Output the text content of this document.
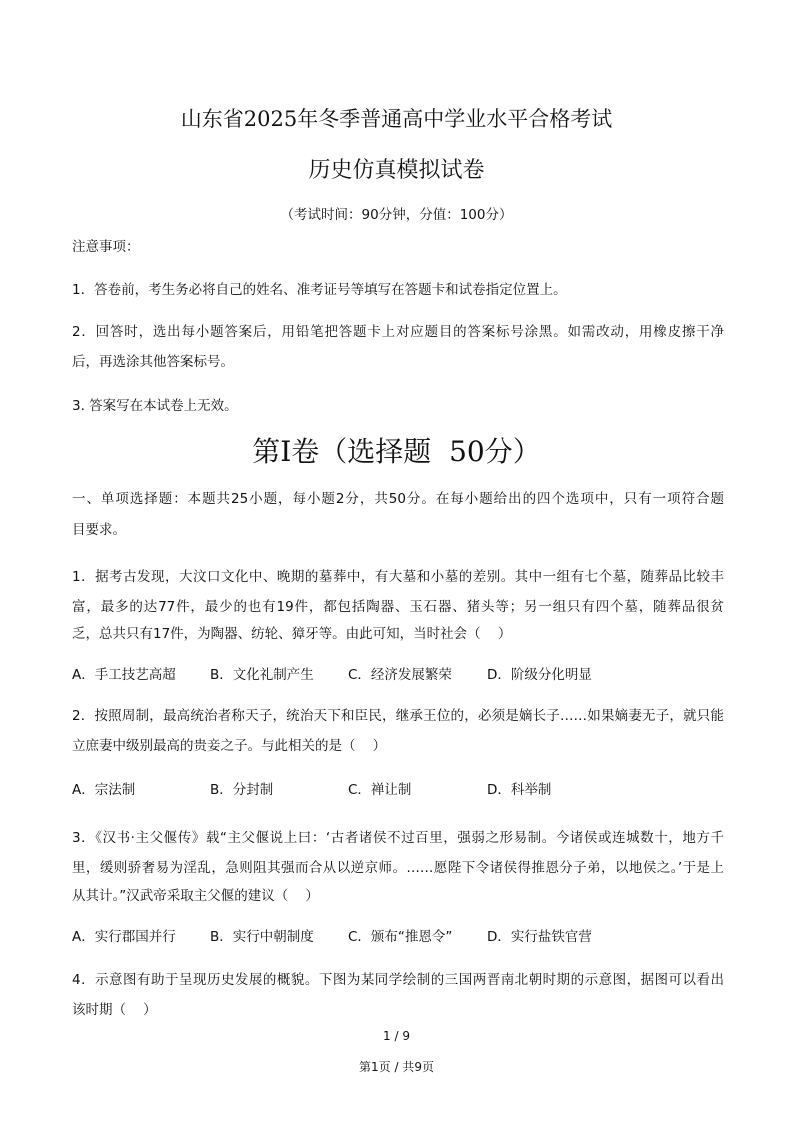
山东省2025年冬季普通高中学业水平合格考试
历史仿真模拟试卷
（考试时间：90分钟，分值：100分）
注意事项：
1．答卷前，考生务必将自己的姓名、准考证号等填写在答题卡和试卷指定位置上。
2．回答时，选出每小题答案后，用铅笔把答题卡上对应题目的答案标号涂黑。如需改动，用橡皮擦干净
后，再选涂其他答案标号。
3. 答案写在本试卷上无效。
第I卷（选择题  50分）
一、单项选择题：本题共25小题，每小题2分，共50分。在每小题给出的四个选项中，只有一项符合题
目要求。
1．据考古发现，大汶口文化中、晚期的墓葬中，有大墓和小墓的差别。其中一组有七个墓，随葬品比较丰
富，最多的达77件，最少的也有19件，都包括陶器、玉石器、猪头等；另一组只有四个墓，随葬品很贫
乏，总共只有17件，为陶器、纺轮、獐牙等。由此可知，当时社会（    ）
A．手工技艺高超	B．文化礼制产生	C．经济发展繁荣	D．阶级分化明显
2．按照周制，最高统治者称天子，统治天下和臣民，继承王位的，必须是嫡长子……如果嫡妻无子，就只能
立庶妻中级别最高的贵妾之子。与此相关的是（    ）
A．宗法制	B．分封制	C．禅让制	D．科举制
3．《汉书·主父偃传》载“主父偃说上曰：‘古者诸侯不过百里，强弱之形易制。今诸侯或连城数十，地方千
里，缓则骄奢易为淫乱，急则阻其强而合从以逆京师。……愿陛下令诸侯得推恩分子弟，以地侯之。’于是上
从其计。”汉武帝采取主父偃的建议（    ）
A．实行郡国并行	B．实行中朝制度	C．颁布“推恩令”	D．实行盐铁官营
4．示意图有助于呈现历史发展的概貌。下图为某同学绘制的三国两晋南北朝时期的示意图，据图可以看出
该时期（    ）
1 / 9
第1页 / 共9页
